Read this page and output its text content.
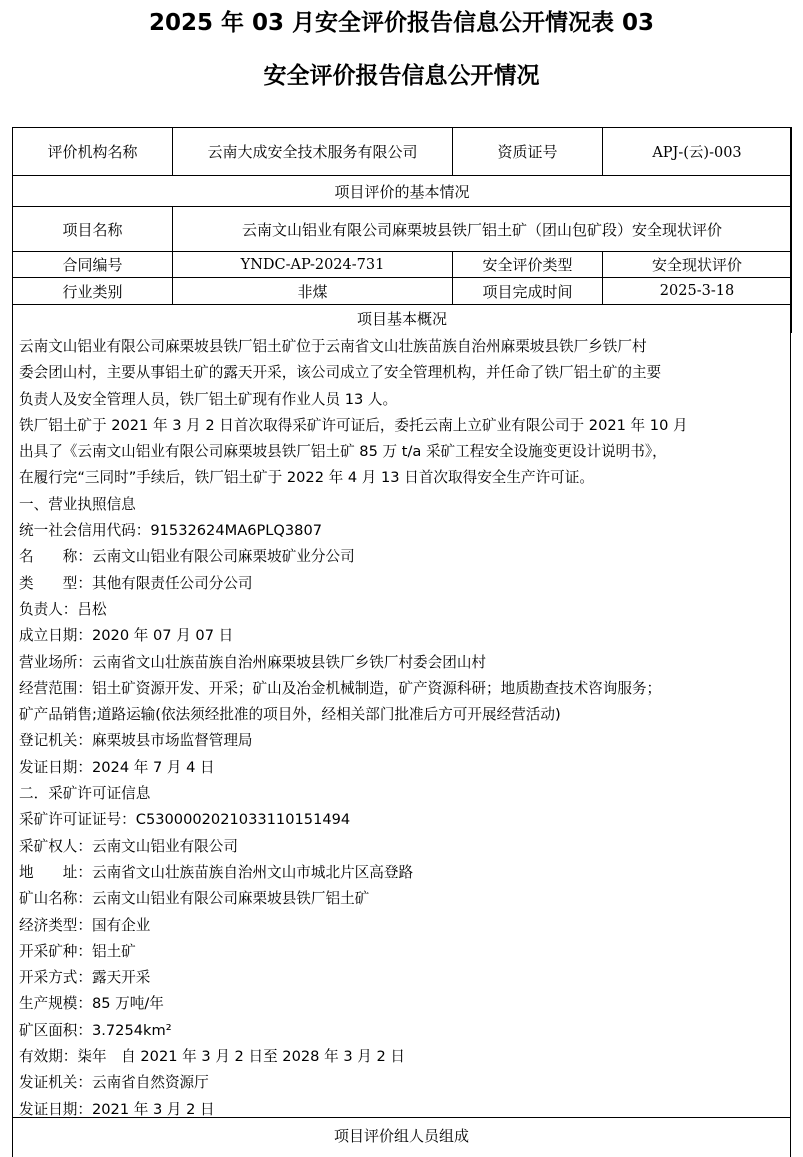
2025 年 03 月安全评价报告信息公开情况表 03
安全评价报告信息公开情况
评价机构名称	云南大成安全技术服务有限公司	资质证号	APJ-(云)-003
项目评价的基本情况			
项目名称	云南文山铝业有限公司麻栗坡县铁厂铝土矿（团山包矿段）安全现状评价		
合同编号	YNDC-AP-2024-731	安全评价类型	安全现状评价
行业类别	非煤	项目完成时间	2025-3-18
项目基本概况			
云南文山铝业有限公司麻栗坡县铁厂铝土矿位于云南省文山壮族苗族自治州麻栗坡县铁厂乡铁厂村
委会团山村，主要从事铝土矿的露天开采，该公司成立了安全管理机构，并任命了铁厂铝土矿的主要
负责人及安全管理人员，铁厂铝土矿现有作业人员 13 人。
铁厂铝土矿于 2021 年 3 月 2 日首次取得采矿许可证后，委托云南上立矿业有限公司于 2021 年 10 月
出具了《云南文山铝业有限公司麻栗坡县铁厂铝土矿 85 万 t/a 采矿工程安全设施变更设计说明书》，
在履行完“三同时”手续后，铁厂铝土矿于 2022 年 4 月 13 日首次取得安全生产许可证。
一、营业执照信息
统一社会信用代码：91532624MA6PLQ3807
名　　称：云南文山铝业有限公司麻栗坡矿业分公司
类　　型：其他有限责任公司分公司
负责人：吕松
成立日期：2020 年 07 月 07 日
营业场所：云南省文山壮族苗族自治州麻栗坡县铁厂乡铁厂村委会团山村
经营范围：铝土矿资源开发、开采；矿山及冶金机械制造，矿产资源科研；地质勘查技术咨询服务；
矿产品销售;道路运输(依法须经批准的项目外，经相关部门批准后方可开展经营活动)
登记机关：麻栗坡县市场监督管理局
发证日期：2024 年 7 月 4 日
二．采矿许可证信息
采矿许可证证号：C5300002021033110151494
采矿权人：云南文山铝业有限公司
地　　址：云南省文山壮族苗族自治州文山市城北片区高登路
矿山名称：云南文山铝业有限公司麻栗坡县铁厂铝土矿
经济类型：国有企业
开采矿种：铝土矿
开采方式：露天开采
生产规模：85 万吨/年
矿区面积：3.7254km²
有效期：柒年　自 2021 年 3 月 2 日至 2028 年 3 月 2 日
发证机关：云南省自然资源厅
发证日期：2021 年 3 月 2 日
项目评价组人员组成
